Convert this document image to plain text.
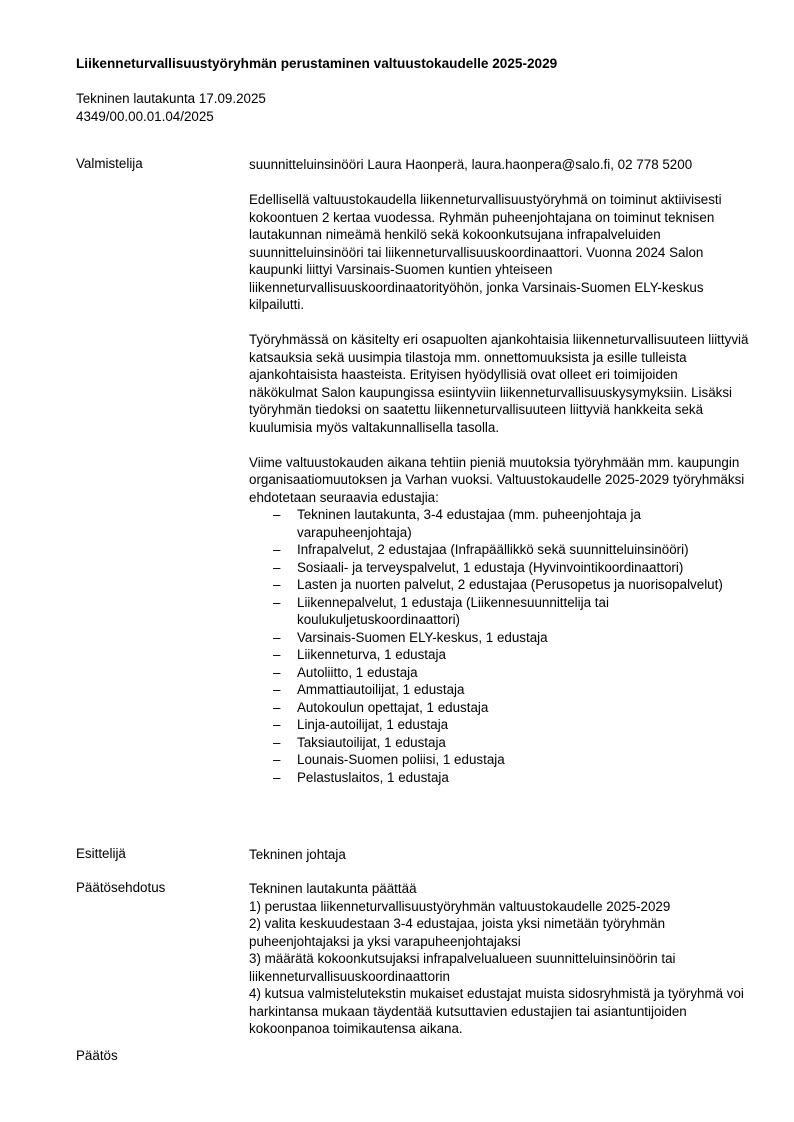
Liikenneturvallisuustyöryhmän perustaminen valtuustokaudelle 2025-2029
Tekninen lautakunta 17.09.2025
4349/00.00.01.04/2025
Valmistelija	suunnitteluinsinööri Laura Haonperä, laura.haonpera@salo.fi, 02 778 5200

Edellisellä valtuustokaudella liikenneturvallisuustyöryhmä on toiminut aktiivisesti kokoontuen 2 kertaa vuodessa. Ryhmän puheenjohtajana on toiminut teknisen lautakunnan nimeämä henkilö sekä kokoonkutsujana infrapalveluiden suunnitteluinsinööri tai liikenneturvallisuuskoordinaattori. Vuonna 2024 Salon kaupunki liittyi Varsinais-Suomen kuntien yhteiseen liikenneturvallisuuskoordinaatorityöhön, jonka Varsinais-Suomen ELY-keskus kilpailutti.

Työryhmässä on käsitelty eri osapuolten ajankohtaisia liikenneturvallisuuteen liittyviä katsauksia sekä uusimpia tilastoja mm. onnettomuuksista ja esille tulleista ajankohtaisista haasteista. Erityisen hyödyllisiä ovat olleet eri toimijoiden näkökulmat Salon kaupungissa esiintyviin liikenneturvallisuuskysymyksiin. Lisäksi työryhmän tiedoksi on saatettu liikenneturvallisuuteen liittyviä hankkeita sekä kuulumisia myös valtakunnallisella tasolla.

Viime valtuustokauden aikana tehtiin pieniä muutoksia työryhmään mm. kaupungin organisaatiomuutoksen ja Varhan vuoksi. Valtuustokaudelle 2025-2029 työryhmäksi ehdotetaan seuraavia edustajia:

– Tekninen lautakunta, 3-4 edustajaa (mm. puheenjohtaja ja varapuheenjohtaja)
– Infrapalvelut, 2 edustajaa (Infrapäällikkö sekä suunnitteluinsinööri)
– Sosiaali- ja terveyspalvelut, 1 edustaja (Hyvinvointikoordinaattori)
– Lasten ja nuorten palvelut, 2 edustajaa (Perusopetus ja nuorisopalvelut)
– Liikennepalvelut, 1 edustaja (Liikennesuunnittelija tai koulukuljetuskoordinaattori)
– Varsinais-Suomen ELY-keskus, 1 edustaja
– Liikenneturva, 1 edustaja
– Autoliitto, 1 edustaja
– Ammattiautoilijat, 1 edustaja
– Autokoulun opettajat, 1 edustaja
– Linja-autoilijat, 1 edustaja
– Taksiautoilijat, 1 edustaja
– Lounais-Suomen poliisi, 1 edustaja
– Pelastuslaitos, 1 edustaja
Esittelijä	Tekninen johtaja
Päätösehdotus	Tekninen lautakunta päättää
1) perustaa liikenneturvallisuustyöryhmän valtuustokaudelle 2025-2029
2) valita keskuudestaan 3-4 edustajaa, joista yksi nimetään työryhmän puheenjohtajaksi ja yksi varapuheenjohtajaksi
3) määrätä kokoonkutsujaksi infrapalvelualueen suunnitteluinsinöörin tai liikenneturvallisuuskoordinaattorin
4) kutsua valmistelutekstin mukaiset edustajat muista sidosryhmistä ja työryhmä voi harkintansa mukaan täydentää kutsuttavien edustajien tai asiantuntijoiden kokoonpanoa toimikautensa aikana.
Päätös
